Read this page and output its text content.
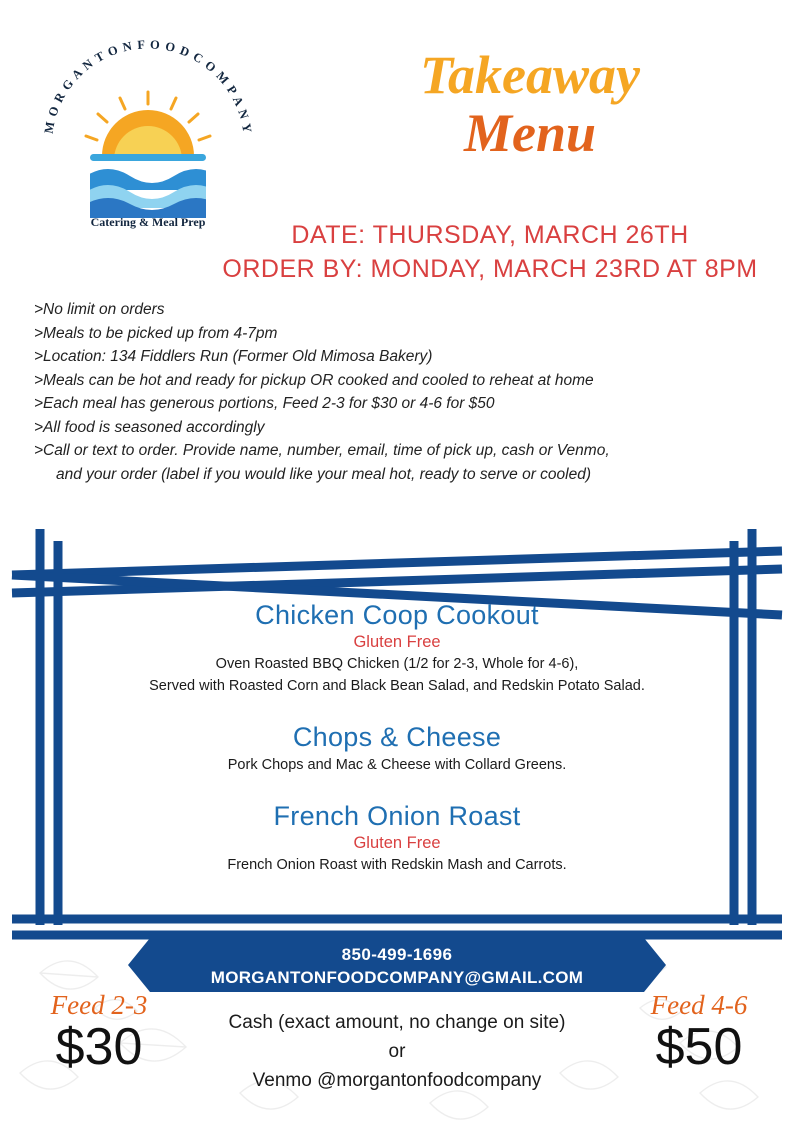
M O R G A N T O N F O O D C O M P A N Y
Catering & Meal Prep
Takeaway
Menu
DATE: THURSDAY, MARCH 26TH
ORDER BY: MONDAY, MARCH 23RD AT 8PM
>No limit on orders
>Meals to be picked up from 4-7pm
>Location: 134 Fiddlers Run (Former Old Mimosa Bakery)
>Meals can be hot and ready for pickup OR cooked and cooled to reheat at home
>Each meal has generous portions, Feed 2-3 for $30 or 4-6 for $50
>All food is seasoned accordingly
>Call or text to order. Provide name, number, email, time of pick up, cash or Venmo,
and your order (label if you would like your meal hot, ready to serve or cooled)
Chicken Coop Cookout
Gluten Free

Oven Roasted BBQ Chicken (1/2 for 2-3, Whole for 4-6),

Served with Roasted Corn and Black Bean Salad, and Redskin Potato Salad.

Chops & Cheese

Pork Chops and Mac & Cheese with Collard Greens.

French Onion Roast
Gluten Free

French Onion Roast with Redskin Mash and Carrots.

850-499-1696
MORGANTONFOODCOMPANY@GMAIL.COM
Cash (exact amount, no change on site)
or
Venmo @morgantonfoodcompany
Feed 2-3
$30
Feed 4-6
$50
